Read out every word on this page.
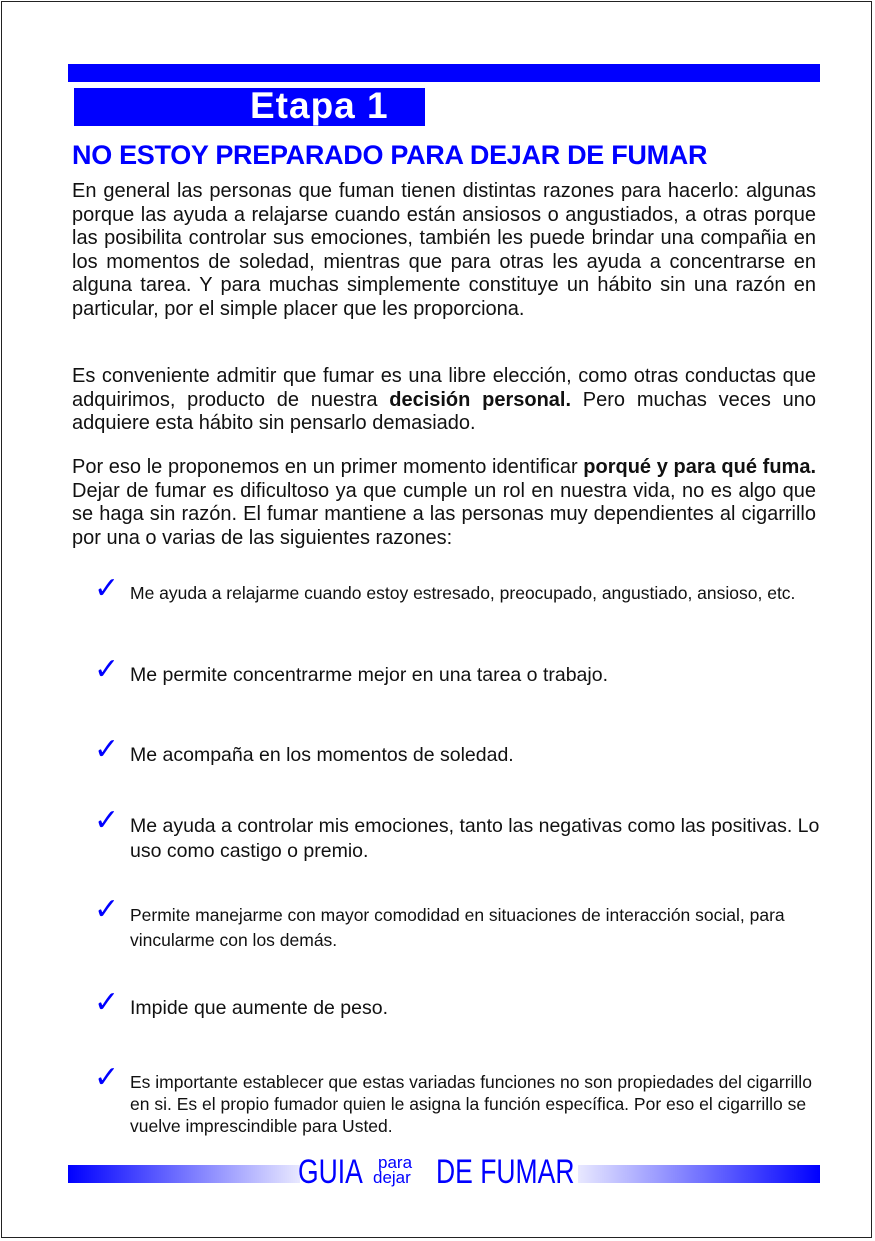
Etapa 1
NO ESTOY PREPARADO PARA DEJAR DE FUMAR
En general las personas que fuman tienen distintas razones para hacerlo: algunas porque las ayuda a relajarse cuando están ansiosos o angustiados, a otras porque las posibilita controlar sus emociones, también les puede brindar una compañia en los momentos de soledad, mientras que para otras les ayuda a concentrarse en alguna tarea. Y para muchas simplemente constituye un hábito sin una razón en particular, por el simple placer que les proporciona.
Es conveniente admitir que fumar es una libre elección, como otras conductas que adquirimos, producto de nuestra decisión personal. Pero muchas veces uno adquiere esta hábito sin pensarlo demasiado.
Por eso le proponemos en un primer momento identificar porqué y para qué fuma. Dejar de fumar es dificultoso ya que cumple un rol en nuestra vida, no es algo que se haga sin razón. El fumar mantiene a las personas muy dependientes al cigarrillo por una o varias de las siguientes razones:
✓ Me ayuda a relajarme cuando estoy estresado, preocupado, angustiado, ansioso, etc.
✓ Me permite concentrarme mejor en una tarea o trabajo.
✓ Me acompaña en los momentos de soledad.
✓ Me ayuda a controlar mis emociones, tanto las negativas como las positivas. Lo uso como castigo o premio.
✓ Permite manejarme con mayor comodidad en situaciones de interacción social, para vincularme con los demás.
✓ Impide que aumente de peso.
✓ Es importante establecer que estas variadas funciones no son propiedades del cigarrillo en si. Es el propio fumador quien le asigna la función específica. Por eso el cigarrillo se vuelve imprescindible para Usted.
GUIA para
dejar DE FUMAR
